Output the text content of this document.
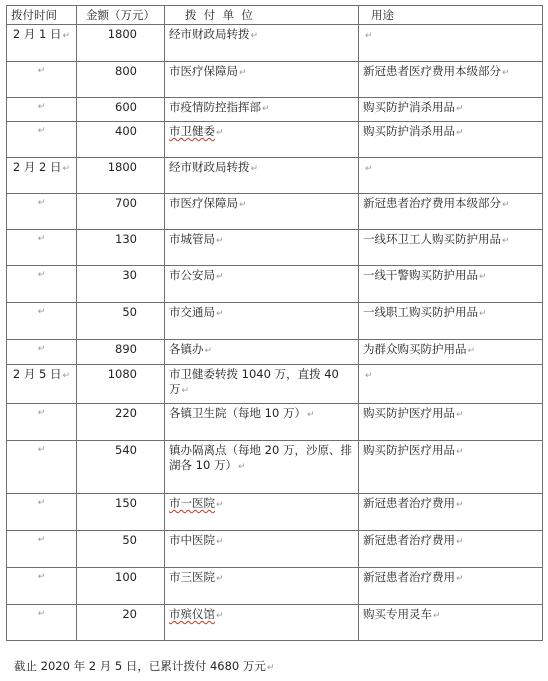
拨付时间	金额（万元）	拨  付  单  位	用途
2 月 1 日↵	1800	经市财政局转拨↵	↵

↵	800	市医疗保障局↵	新冠患者医疗费用本级部分↵

↵	600	市疫情防控指挥部↵	购买防护消杀用品↵

↵	400	市卫健委↵	购买防护消杀用品↵
2 月 2 日↵	1800	经市财政局转拨↵	↵

↵	700	市医疗保障局↵	新冠患者治疗费用本级部分↵

↵	130	市城管局↵	一线环卫工人购买防护用品↵

↵	30	市公安局↵	一线干警购买防护用品↵

↵	50	市交通局↵	一线职工购买防护用品↵

↵	890	各镇办↵	为群众购买防护用品↵
2 月 5 日↵	1080	市卫健委转拨 1040 万，直拨 40 万↵	↵

↵	220	各镇卫生院（每地 10 万）↵	购买防护医疗用品↵

↵	540	镇办隔离点（每地 20 万，沙原、排湖各 10 万）↵	购买防护医疗用品↵

↵	150	市一医院↵	新冠患者治疗费用↵

↵	50	市中医院↵	新冠患者治疗费用↵

↵	100	市三医院↵	新冠患者治疗费用↵

↵	20	市殡仪馆↵	购买专用灵车↵
截止 2020 年 2 月 5 日，已累计拨付 4680 万元↵
